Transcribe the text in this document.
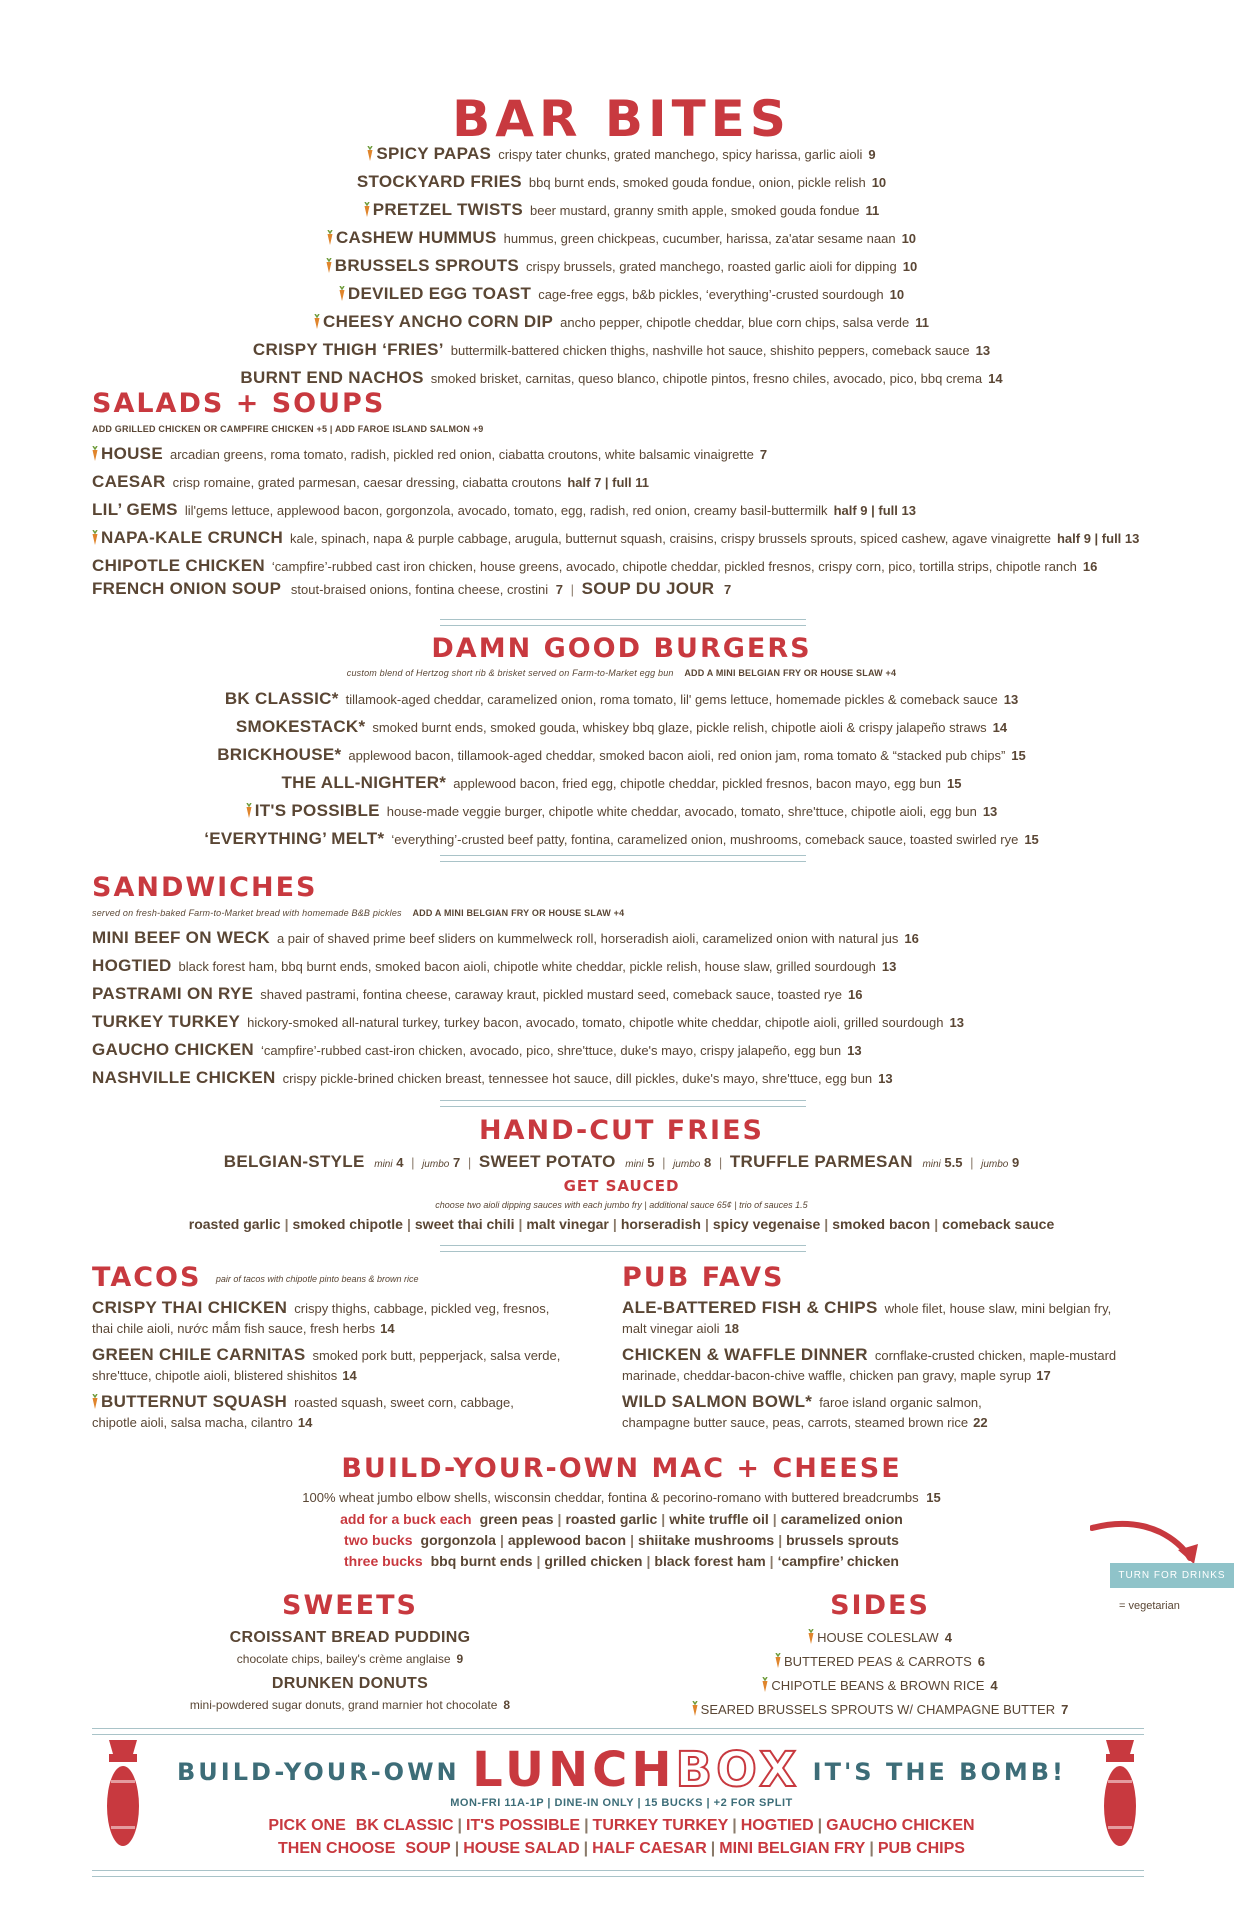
BAR BITES
SPICY PAPAS crispy tater chunks, grated manchego, spicy harissa, garlic aioli 9
STOCKYARD FRIES bbq burnt ends, smoked gouda fondue, onion, pickle relish 10
PRETZEL TWISTS beer mustard, granny smith apple, smoked gouda fondue 11
CASHEW HUMMUS hummus, green chickpeas, cucumber, harissa, za'atar sesame naan 10
BRUSSELS SPROUTS crispy brussels, grated manchego, roasted garlic aioli for dipping 10
DEVILED EGG TOAST cage-free eggs, b&b pickles, ‘everything’-crusted sourdough 10
CHEESY ANCHO CORN DIP ancho pepper, chipotle cheddar, blue corn chips, salsa verde 11
CRISPY THIGH ‘FRIES’ buttermilk-battered chicken thighs, nashville hot sauce, shishito peppers, comeback sauce 13
BURNT END NACHOS smoked brisket, carnitas, queso blanco, chipotle pintos, fresno chiles, avocado, pico, bbq crema 14
SALADS + SOUPS
ADD GRILLED CHICKEN OR CAMPFIRE CHICKEN +5 | ADD FAROE ISLAND SALMON +9
HOUSE arcadian greens, roma tomato, radish, pickled red onion, ciabatta croutons, white balsamic vinaigrette 7
CAESAR crisp romaine, grated parmesan, caesar dressing, ciabatta croutons half 7 | full 11
LIL’ GEMS lil'gems lettuce, applewood bacon, gorgonzola, avocado, tomato, egg, radish, red onion, creamy basil-buttermilk half 9 | full 13
NAPA-KALE CRUNCH kale, spinach, napa & purple cabbage, arugula, butternut squash, craisins, crispy brussels sprouts, spiced cashew, agave vinaigrette half 9 | full 13
CHIPOTLE CHICKEN ‘campfire’-rubbed cast iron chicken, house greens, avocado, chipotle cheddar, pickled fresnos, crispy corn, pico, tortilla strips, chipotle ranch 16
FRENCH ONION SOUP stout-braised onions, fontina cheese, crostini 7 | SOUP DU JOUR 7
DAMN GOOD BURGERS
custom blend of Hertzog short rib & brisket served on Farm-to-Market egg bun ADD A MINI BELGIAN FRY OR HOUSE SLAW +4
BK CLASSIC* tillamook-aged cheddar, caramelized onion, roma tomato, lil' gems lettuce, homemade pickles & comeback sauce 13
SMOKESTACK* smoked burnt ends, smoked gouda, whiskey bbq glaze, pickle relish, chipotle aioli & crispy jalapeño straws 14
BRICKHOUSE* applewood bacon, tillamook-aged cheddar, smoked bacon aioli, red onion jam, roma tomato & “stacked pub chips” 15
THE ALL-NIGHTER* applewood bacon, fried egg, chipotle cheddar, pickled fresnos, bacon mayo, egg bun 15
IT'S POSSIBLE house-made veggie burger, chipotle white cheddar, avocado, tomato, shre'ttuce, chipotle aioli, egg bun 13
‘EVERYTHING’ MELT* ‘everything’-crusted beef patty, fontina, caramelized onion, mushrooms, comeback sauce, toasted swirled rye 15
SANDWICHES
served on fresh-baked Farm-to-Market bread with homemade B&B pickles ADD A MINI BELGIAN FRY OR HOUSE SLAW +4
MINI BEEF ON WECK a pair of shaved prime beef sliders on kummelweck roll, horseradish aioli, caramelized onion with natural jus 16
HOGTIED black forest ham, bbq burnt ends, smoked bacon aioli, chipotle white cheddar, pickle relish, house slaw, grilled sourdough 13
PASTRAMI ON RYE shaved pastrami, fontina cheese, caraway kraut, pickled mustard seed, comeback sauce, toasted rye 16
TURKEY TURKEY hickory-smoked all-natural turkey, turkey bacon, avocado, tomato, chipotle white cheddar, chipotle aioli, grilled sourdough 13
GAUCHO CHICKEN ‘campfire’-rubbed cast-iron chicken, avocado, pico, shre'ttuce, duke's mayo, crispy jalapeño, egg bun 13
NASHVILLE CHICKEN crispy pickle-brined chicken breast, tennessee hot sauce, dill pickles, duke's mayo, shre'ttuce, egg bun 13
HAND-CUT FRIES
BELGIAN-STYLE mini 4 | jumbo 7 | SWEET POTATO mini 5 | jumbo 8 | TRUFFLE PARMESAN mini 5.5 | jumbo 9
GET SAUCED
choose two aioli dipping sauces with each jumbo fry | additional sauce 65¢ | trio of sauces 1.5
roasted garlic | smoked chipotle | sweet thai chili | malt vinegar | horseradish | spicy vegenaise | smoked bacon | comeback sauce
TACOS $^{pair of tacos with chipotle pinto beans \& brown rice}$
CRISPY THAI CHICKEN crispy thighs, cabbage, pickled veg, fresnos,
thai chile aioli, nước mắm fish sauce, fresh herbs 14
GREEN CHILE CARNITAS smoked pork butt, pepperjack, salsa verde,
shre'ttuce, chipotle aioli, blistered shishitos 14
BUTTERNUT SQUASH roasted squash, sweet corn, cabbage,
chipotle aioli, salsa macha, cilantro 14
PUB FAVS
ALE-BATTERED FISH & CHIPS whole filet, house slaw, mini belgian fry,
malt vinegar aioli 18
CHICKEN & WAFFLE DINNER cornflake-crusted chicken, maple-mustard
marinade, cheddar-bacon-chive waffle, chicken pan gravy, maple syrup 17
WILD SALMON BOWL* faroe island organic salmon,
champagne butter sauce, peas, carrots, steamed brown rice 22
BUILD-YOUR-OWN MAC + CHEESE
100% wheat jumbo elbow shells, wisconsin cheddar, fontina & pecorino-romano with buttered breadcrumbs 15
add for a buck each green peas | roasted garlic | white truffle oil | caramelized onion
two bucks gorgonzola | applewood bacon | shiitake mushrooms | brussels sprouts
three bucks bbq burnt ends | grilled chicken | black forest ham | ‘campfire’ chicken
TURN FOR DRINKS
= vegetarian
SWEETS
CROISSANT BREAD PUDDING
chocolate chips, bailey's crème anglaise 9
DRUNKEN DONUTS
mini-powdered sugar donuts, grand marnier hot chocolate 8
SIDES
HOUSE COLESLAW 4
BUTTERED PEAS & CARROTS 6
CHIPOTLE BEANS & BROWN RICE 4
SEARED BRUSSELS SPROUTS W/ CHAMPAGNE BUTTER 7
BUILD-YOUR-OWN LUNCHBOX IT'S THE BOMB!
MON-FRI 11A-1P | DINE-IN ONLY | 15 BUCKS | +2 FOR SPLIT
PICK ONE BK CLASSIC | IT'S POSSIBLE | TURKEY TURKEY | HOGTIED | GAUCHO CHICKEN
THEN CHOOSE SOUP | HOUSE SALAD | HALF CAESAR | MINI BELGIAN FRY | PUB CHIPS
